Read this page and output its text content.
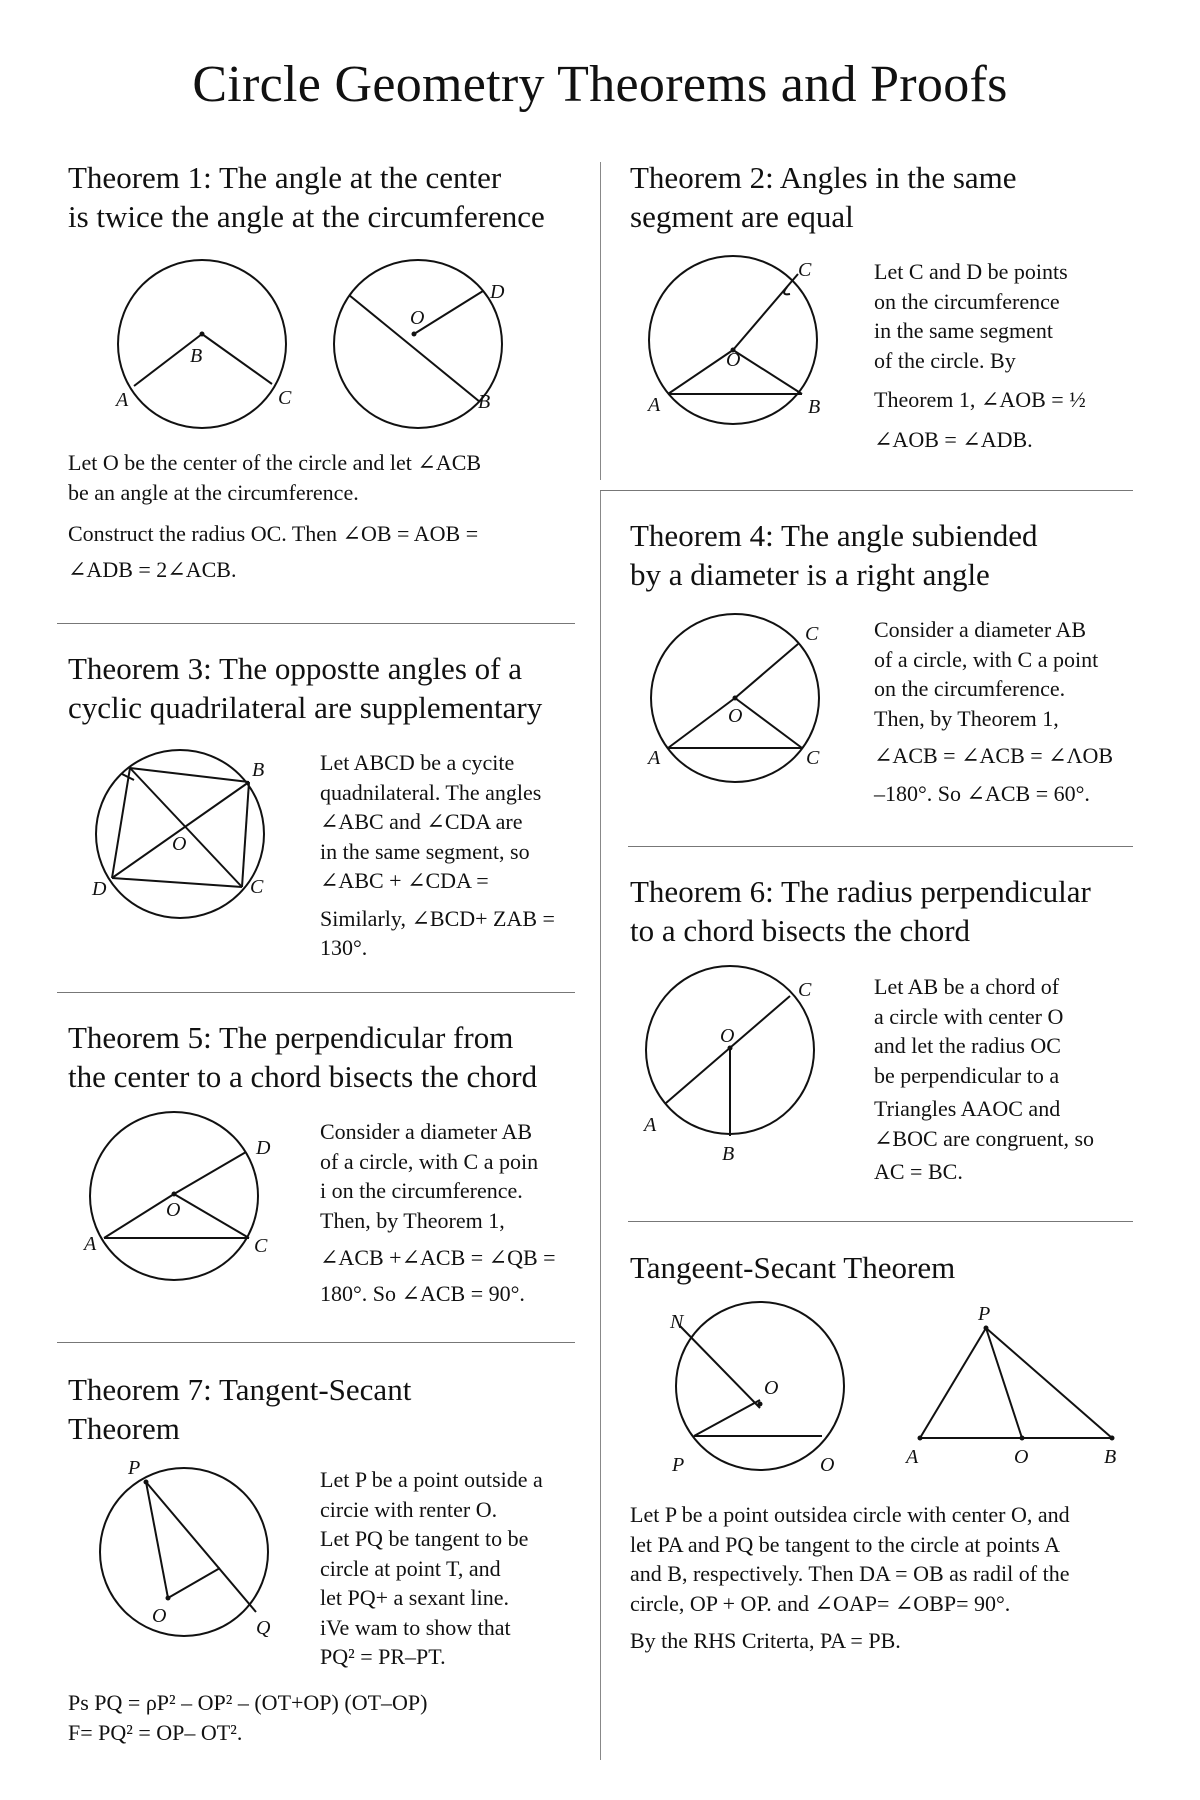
Circle Geometry Theorems and Proofs
Theorem 1: The angle at the center
is twice the angle at the circumference
B
A	C
O
D
B

Let O be the center of the circle and let ∠ACB

be an angle at the circumference.

Construct the radius OC. Then ∠OB = AOB =

∠ADB = 2∠ACB.

Theorem 2: Angles in the same
segment are equal
O
A	B
C	Let C and D be points

on the circumference

in the same segment

of the circle. By

Theorem 1, ∠AOB = ½

∠AOB = ∠ADB.

Theorem 4: The angle subiended
by a diameter is a right angle
O
A	C
C	Consider a diameter AB

of a circle, with C a point

on the circumference.

Then, by Theorem 1,

∠ACB = ∠ACB = ∠ΛOB

–180°. So ∠ACB = 60°.

Theorem 3: The oppostte angles of a
cyclic quadrilateral are supplementary
O
B
D	C

Let ABCD be a cycite

quadnilateral. The angles

∠ABC and ∠CDA are

in the same segment, so

∠ABC + ∠CDA =

Similarly, ∠BCD+ ZAB =

130°.

Theorem 6: The radius perpendicular
to a chord bisects the chord
O
A
B
C	Let AB be a chord of

a circle with center O

and let the radius OC

be perpendicular to a

Triangles AAOC and

∠BOC are congruent, so

AC = BC.

Theorem 5: The perpendicular from
the center to a chord bisects the chord
O
A	C
D

Consider a diameter AB

of a circle, with C a poin

i on the circumference.

Then, by Theorem 1,

∠ACB +∠ACB = ∠QB =

180°. So ∠ACB = 90°.

Tangeent-Secant Theorem
N
O
P	O
P
A	O	B

Let P be a point outsidea circle with center O, and

let PA and PQ be tangent to the circle at points A

and B, respectively. Then DA = OB as radil of the

circle, OP + OP. and ∠OAP= ∠OBP= 90°.

By the RHS Criterta, PA = PB.

Theorem 7: Tangent-Secant
Theorem
P
O
Q

Let P be a point outside a

circie with renter O.

Let PQ be tangent to be

circle at point T, and

let PQ+ a sexant line.

iVe wam to show that

PQ² = PR–PT.

Ps PQ = ρP² – OP² – (OT+OP) (OT–OP)

F= PQ² = OP– OT².
